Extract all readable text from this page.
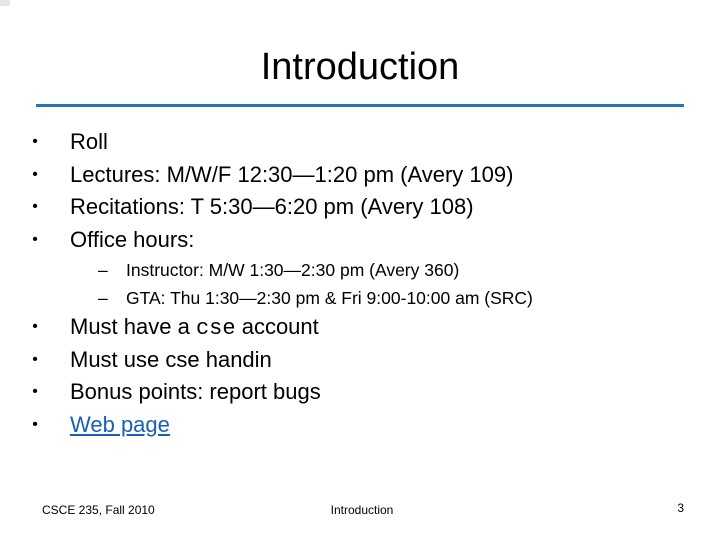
Introduction
• Roll
• Lectures: M/W/F 12:30—1:20 pm (Avery 109)
• Recitations: T 5:30—6:20 pm (Avery 108)
• Office hours:
– Instructor: M/W 1:30—2:30 pm (Avery 360)
– GTA: Thu 1:30—2:30 pm & Fri 9:00-10:00 am (SRC)
• Must have a cse account
• Must use cse handin
• Bonus points: report bugs
• Web page
CSCE 235, Fall 2010	Introduction	3
